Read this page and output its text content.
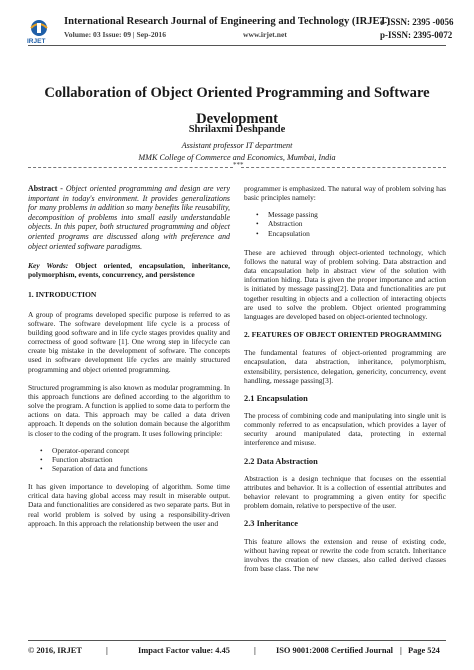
IRJET
International Research Journal of Engineering and Technology (IRJET)
e-ISSN: 2395 -0056
Volume: 03 Issue: 09 | Sep-2016	www.irjet.net	p-ISSN: 2395-0072
Collaboration of Object Oriented Programming and Software
Development
Shrilaxmi Deshpande
Assistant professor IT department
MMK College of Commerce and Economics, Mumbai, India
***
Abstract - Object oriented programming and design are very important in today's environment. It provides generalizations for many problems in addition so many benefits like reusability, decomposition of problems into small easily understandable objects. In this paper, both structured programming and object oriented programs are discussed along with preference and object oriented software paradigms.
Key Words: Object oriented, encapsulation, inheritance, polymorphism, events, concurrency, and persistence
1. INTRODUCTION
A group of programs developed specific purpose is referred to as software. The software development life cycle is a process of building good software and in life cycle stages provides quality and correctness of good software [1]. One wrong step in lifecycle can create big mistake in the development of software. The concepts used in software development life cycles are mainly structured programming and object oriented programming.
Structured programming is also known as modular programming. In this approach functions are defined according to the algorithm to solve the program. A function is applied to some data to perform the actions on data. This approach may be called a data driven approach. It depends on the solution domain because the algorithm is closer to the coding of the program. It uses following principle:
• Operator-operand concept
• Function abstraction
• Separation of data and functions
It has given importance to developing of algorithm. Some time critical data having global access may result in miserable output. Data and functionalities are considered as two separate parts. But in real world problem is solved by using a responsibility-driven approach. In this approach the relationship between the user and
programmer is emphasized. The natural way of problem solving has basic principles namely:
• Message passing
• Abstraction
• Encapsulation
These are achieved through object-oriented technology, which follows the natural way of problem solving. Data abstraction and data encapsulation help in abstract view of the solution with information hiding. Data is given the proper importance and action is initiated by message passing[2]. Data and functionalities are put together resulting in objects and a collection of interacting objects are used to solve the problem. Object oriented programming languages are developed based on object-oriented technology.
2. FEATURES OF OBJECT ORIENTED PROGRAMMING
The fundamental features of object-oriented programming are encapsulation, data abstraction, inheritance, polymorphism, extensibility, persistence, delegation, genericity, concurrency, event handling, message passing[3].
2.1 Encapsulation
The process of combining code and manipulating into single unit is commonly referred to as encapsulation, which provides a layer of security around manipulated data, protecting in external interference and misuse.
2.2 Data Abstraction
Abstraction is a design technique that focuses on the essential attributes and behavior. It is a collection of essential attributes and behavior relevant to programming a given entity for specific problem domain, relative to perspective of the user.
2.3 Inheritance
This feature allows the extension and reuse of existing code, without having repeat or rewrite the code from scratch. Inheritance involves the creation of new classes, also called derived classes from base class. The new
© 2016, IRJET	|	Impact Factor value: 4.45	| ISO 9001:2008 Certified Journal | Page 524
